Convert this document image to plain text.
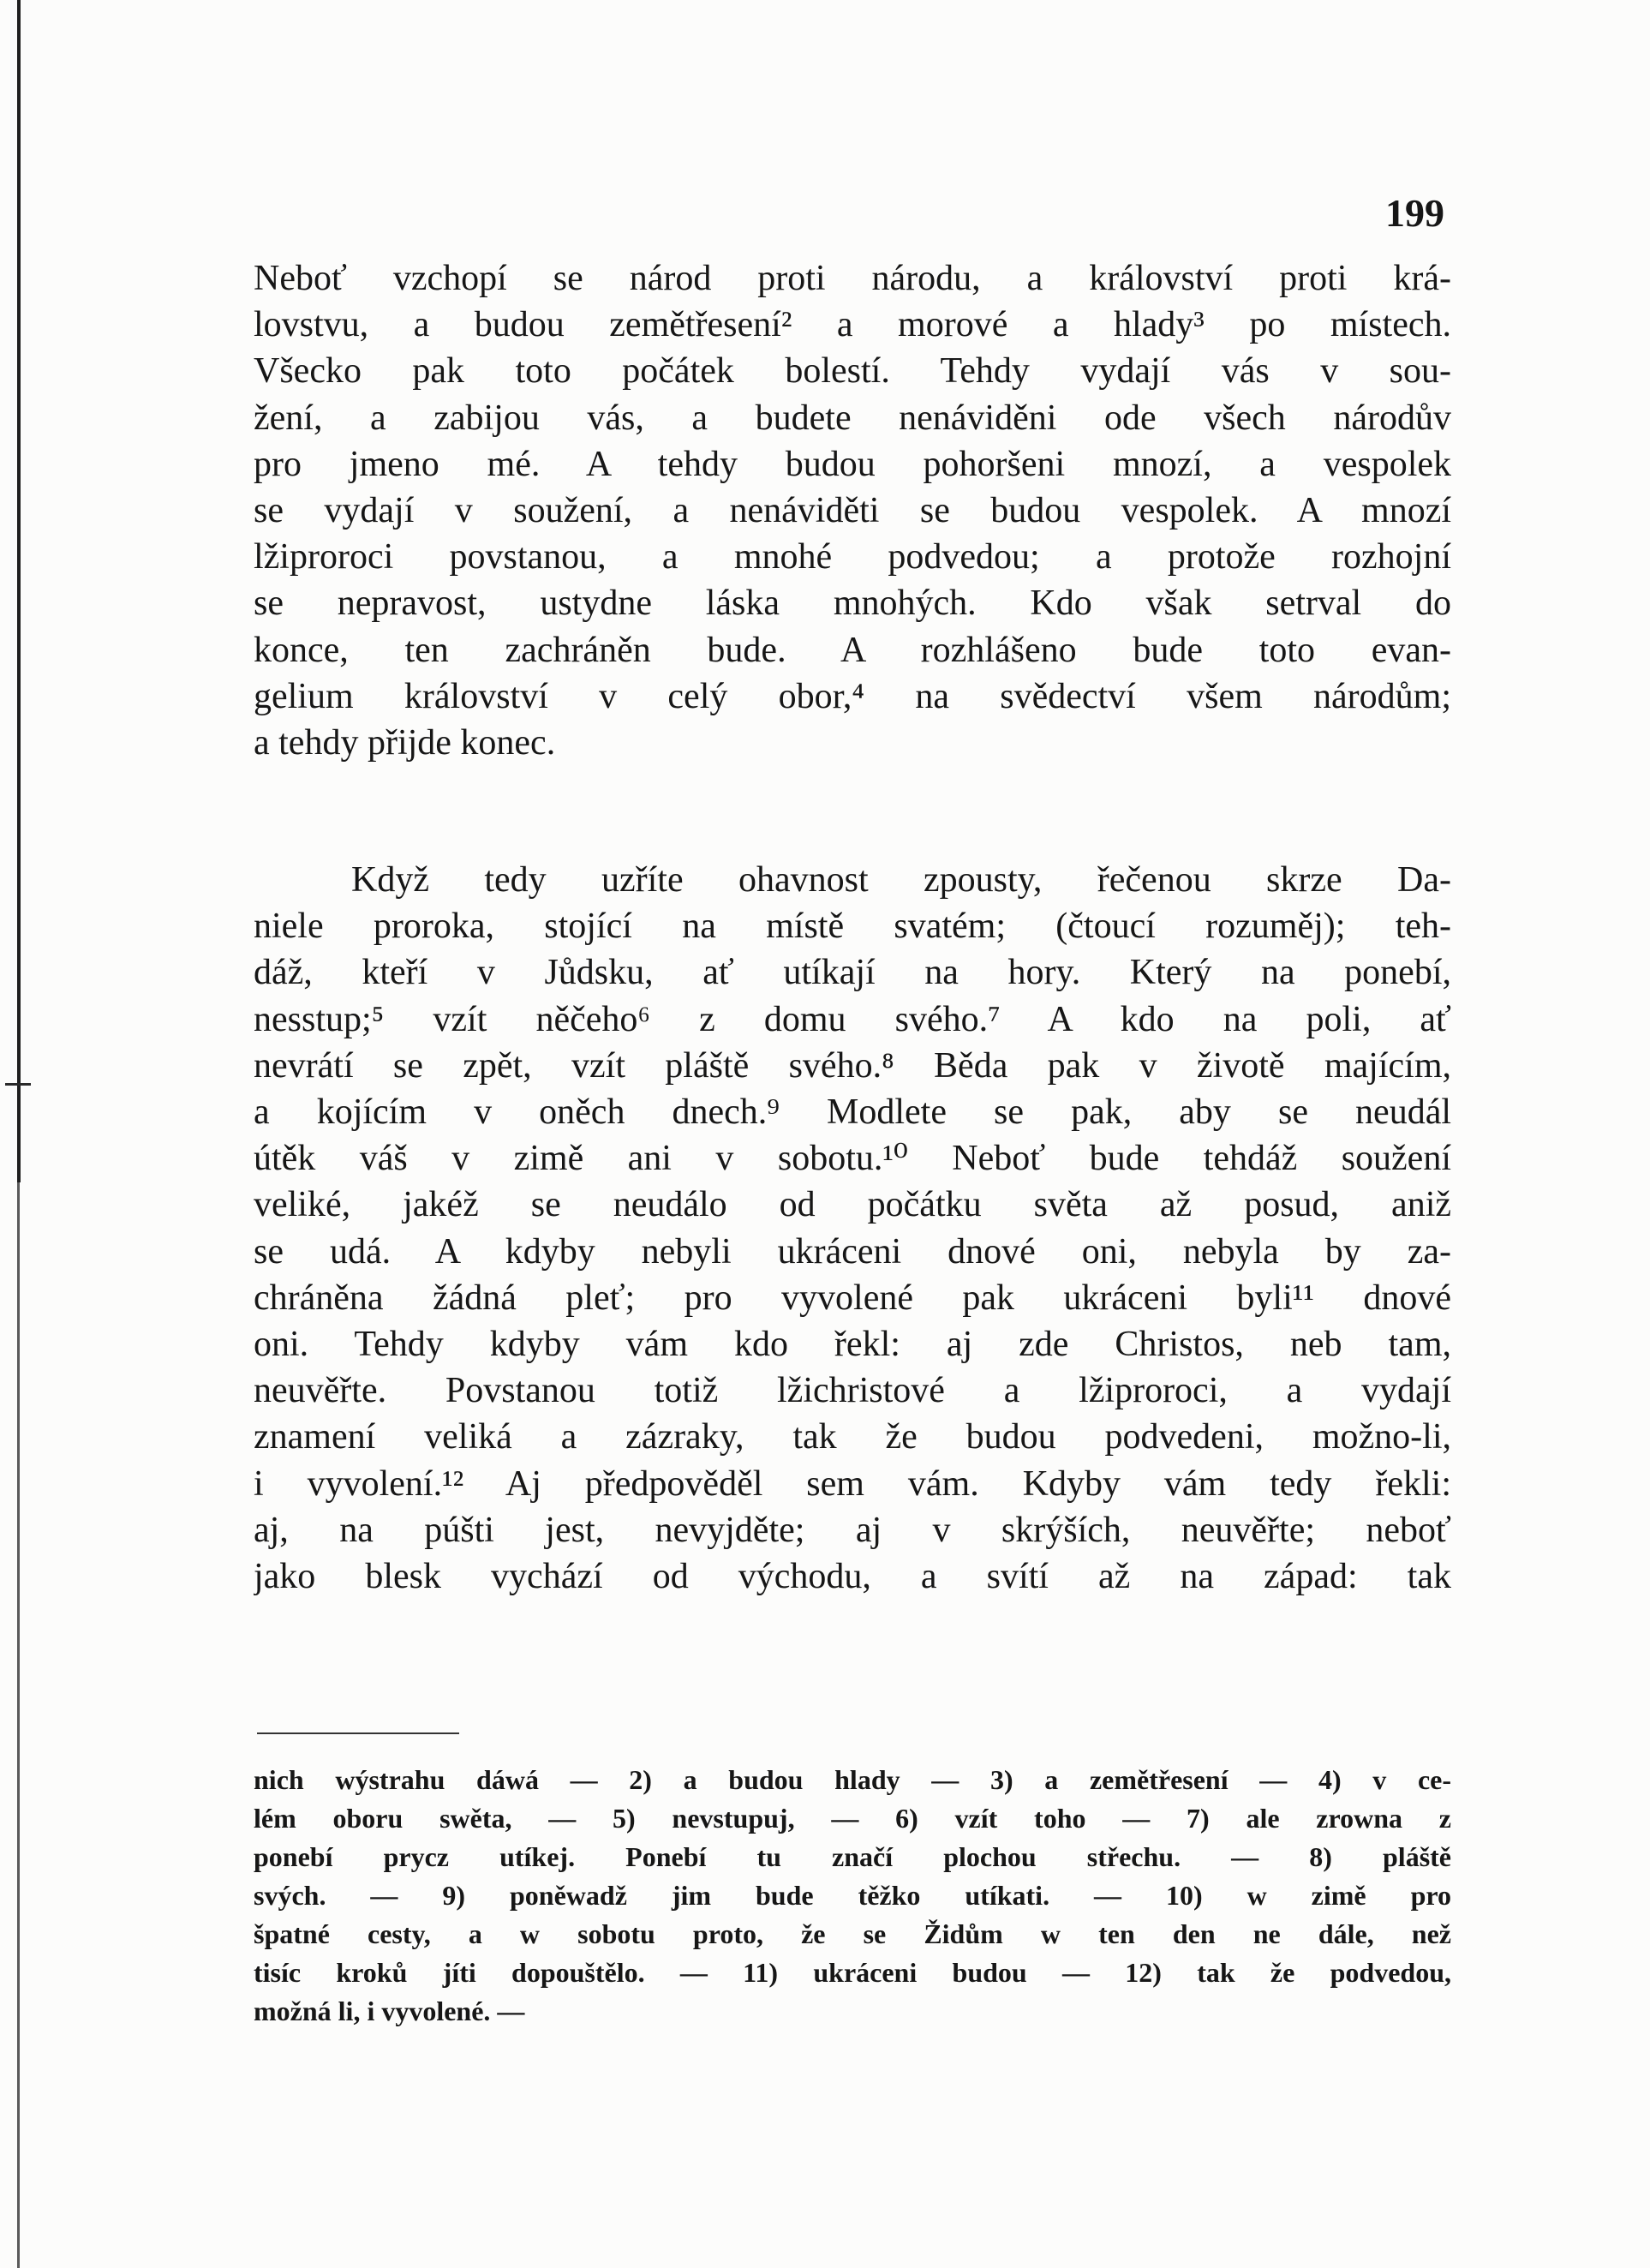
199
Neboť vzchopí se národ proti národu, a království proti krá-
lovstvu, a budou zemětřesení² a morové a hlady³ po místech.
Všecko pak toto počátek bolestí. Tehdy vydají vás v sou-
žení, a zabijou vás, a budete nenáviděni ode všech národův
pro jmeno mé. A tehdy budou pohoršeni mnozí, a vespolek
se vydají v soužení, a nenáviděti se budou vespolek. A mnozí
lžiproroci povstanou, a mnohé podvedou; a protože rozhojní
se nepravost, ustydne láska mnohých. Kdo však setrval do
konce, ten zachráněn bude. A rozhlášeno bude toto evan-
gelium království v celý obor,⁴ na svědectví všem národům;
a tehdy přijde konec.
Když tedy uzříte ohavnost zpousty, řečenou skrze Da-
niele proroka, stojící na místě svatém; (čtoucí rozuměj); teh-
dáž, kteří v Jůdsku, ať utíkají na hory. Který na ponebí,
nesstup;⁵ vzít něčeho⁶ z domu svého.⁷ A kdo na poli, ať
nevrátí se zpět, vzít pláště svého.⁸ Běda pak v životě majícím,
a kojícím v oněch dnech.⁹ Modlete se pak, aby se neudál
útěk váš v zimě ani v sobotu.¹⁰ Neboť bude tehdáž soužení
veliké, jakéž se neudálo od počátku světa až posud, aniž
se udá. A kdyby nebyli ukráceni dnové oni, nebyla by za-
chráněna žádná pleť; pro vyvolené pak ukráceni byli¹¹ dnové
oni. Tehdy kdyby vám kdo řekl: aj zde Christos, neb tam,
neuvěřte. Povstanou totiž lžichristové a lžiproroci, a vydají
znamení veliká a zázraky, tak že budou podvedeni, možno-li,
i vyvolení.¹² Aj předpověděl sem vám. Kdyby vám tedy řekli:
aj, na púšti jest, nevyjděte; aj v skrýších, neuvěřte; neboť
jako blesk vychází od východu, a svítí až na západ: tak
nich wýstrahu dáwá — 2) a budou hlady — 3) a zemětřesení — 4) v ce-
lém oboru swěta, — 5) nevstupuj, — 6) vzít toho — 7) ale zrowna z
ponebí prycz utíkej. Ponebí tu značí plochou střechu. — 8) pláště
svých. — 9) poněwadž jim bude těžko utíkati. — 10) w zimě pro
špatné cesty, a w sobotu proto, že se Židům w ten den ne dále, než
tisíc kroků jíti dopouštělo. — 11) ukráceni budou — 12) tak že podvedou,
možná li, i vyvolené. —
